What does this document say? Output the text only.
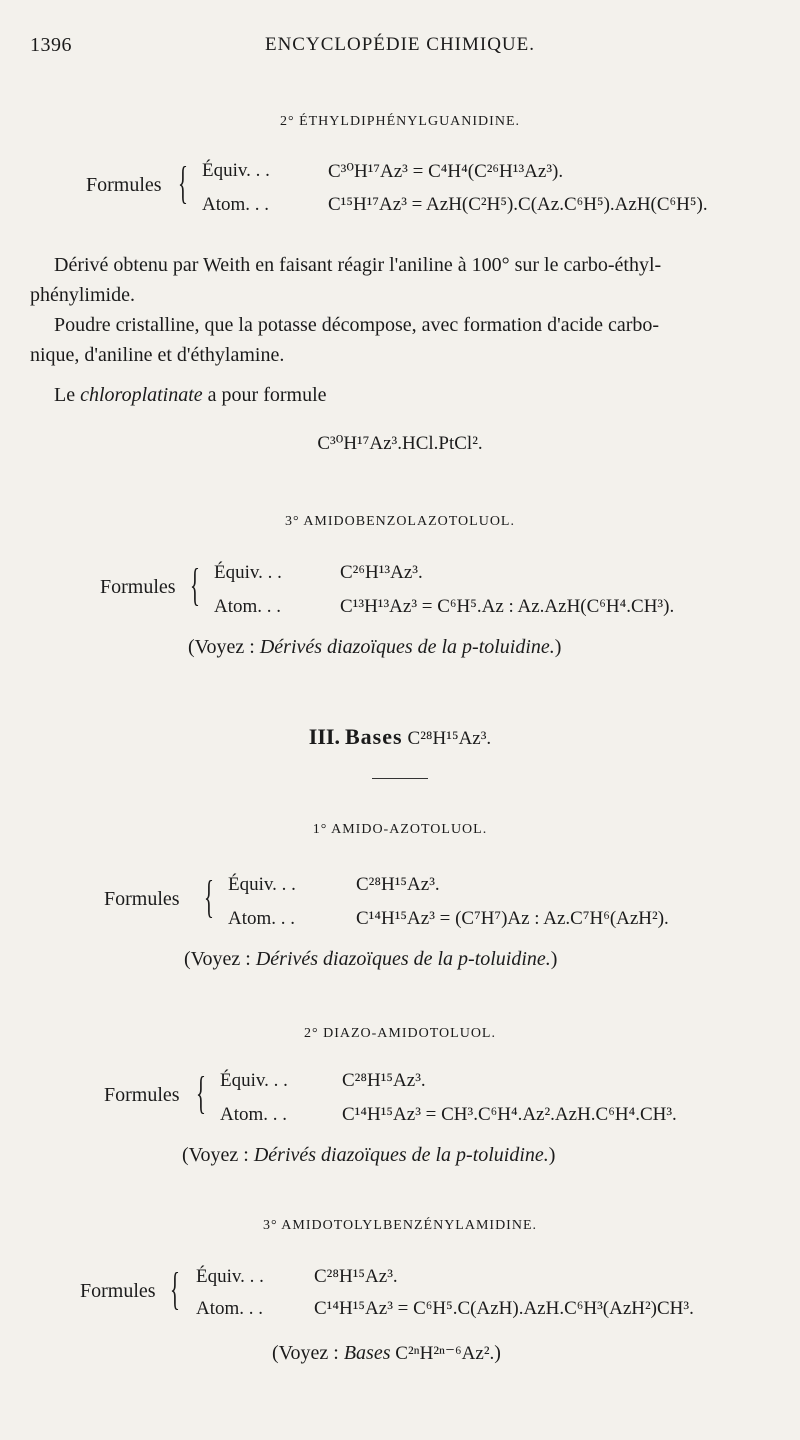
1396	ENCYCLOPÉDIE CHIMIQUE.
2° ÉTHYLDIPHÉNYLGUANIDINE.
Formules { Équiv. . .	C³⁰H¹⁷Az³ = C⁴H⁴(C²⁶H¹³Az³).
Atom. . .	C¹⁵H¹⁷Az³ = AzH(C²H⁵).C(Az.C⁶H⁵).AzH(C⁶H⁵).
Dérivé obtenu par Weith en faisant réagir l'aniline à 100° sur le carbo-éthyl-
phénylimide.
Poudre cristalline, que la potasse décompose, avec formation d'acide carbo-
nique, d'aniline et d'éthylamine.
Le chloroplatinate a pour formule
C³⁰H¹⁷Az³.HCl.PtCl².
3° AMIDOBENZOLAZOTOLUOL.
Formules { Équiv. . .	C²⁶H¹³Az³.
Atom. . .	C¹³H¹³Az³ = C⁶H⁵.Az : Az.AzH(C⁶H⁴.CH³).
(Voyez : Dérivés diazoïques de la p-toluidine.)
III. Bases C²⁸H¹⁵Az³.
1° AMIDO-AZOTOLUOL.
Formules { Équiv. . .	C²⁸H¹⁵Az³.
Atom. . .	C¹⁴H¹⁵Az³ = (C⁷H⁷)Az : Az.C⁷H⁶(AzH²).
(Voyez : Dérivés diazoïques de la p-toluidine.)
2° DIAZO-AMIDOTOLUOL.
Formules { Équiv. . .	C²⁸H¹⁵Az³.
Atom. . .	C¹⁴H¹⁵Az³ = CH³.C⁶H⁴.Az².AzH.C⁶H⁴.CH³.
(Voyez : Dérivés diazoïques de la p-toluidine.)
3° AMIDOTOLYLBENZÉNYLAMIDINE.
Formules { Équiv. . .	C²⁸H¹⁵Az³.
Atom. . .	C¹⁴H¹⁵Az³ = C⁶H⁵.C(AzH).AzH.C⁶H³(AzH²)CH³.
(Voyez : Bases C²ⁿH²ⁿ⁻⁶Az².)
